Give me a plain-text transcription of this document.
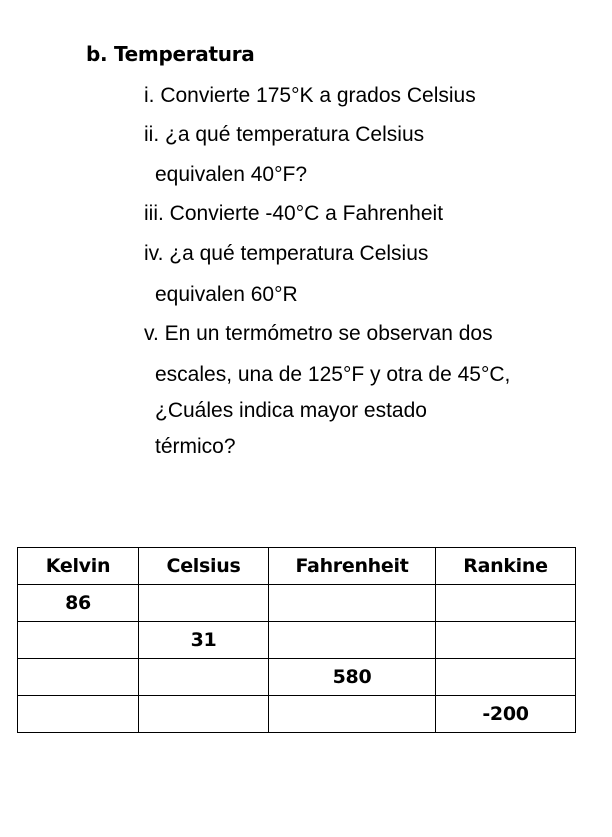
b. Temperatura
i. Convierte 175°K a grados Celsius
ii. ¿a qué temperatura Celsius
equivalen 40°F?
iii. Convierte -40°C a Fahrenheit
iv. ¿a qué temperatura Celsius
equivalen 60°R
v. En un termómetro se observan dos
escales, una de 125°F y otra de 45°C,
¿Cuáles indica mayor estado
térmico?
Kelvin	Celsius	Fahrenheit	Rankine
86			
	31		
		580	
			-200
